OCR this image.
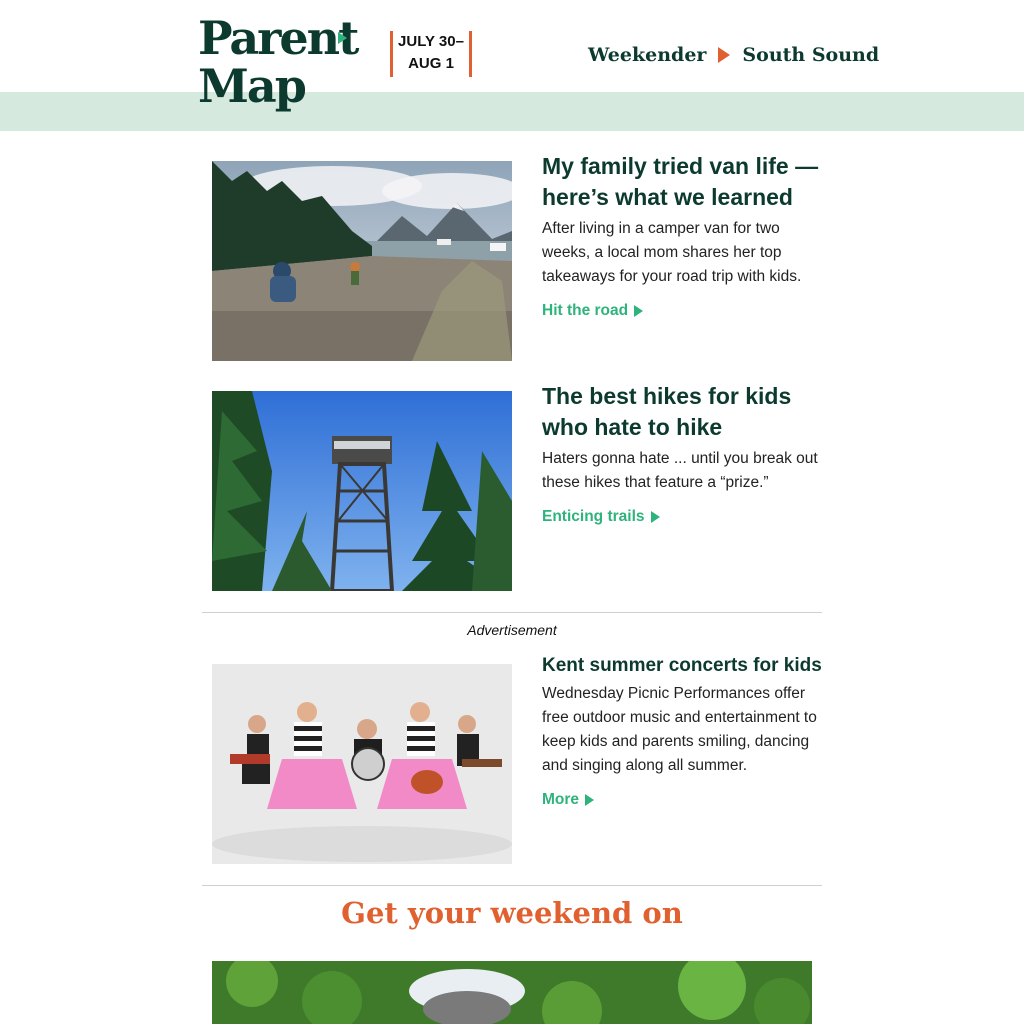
Parent
Map
JULY 30–
AUG 1	Weekender South Sound

My family tried van life — here’s what we learned

After living in a camper van for two weeks, a local mom shares her top takeaways for your road trip with kids.

Hit the road

The best hikes for kids who hate to hike

Haters gonna hate ... until you break out these hikes that feature a “prize.”

Enticing trails
Advertisement

Kent summer concerts for kids

Wednesday Picnic Performances offer free outdoor music and entertainment to keep kids and parents smiling, dancing and singing along all summer.

More
Get your weekend on
